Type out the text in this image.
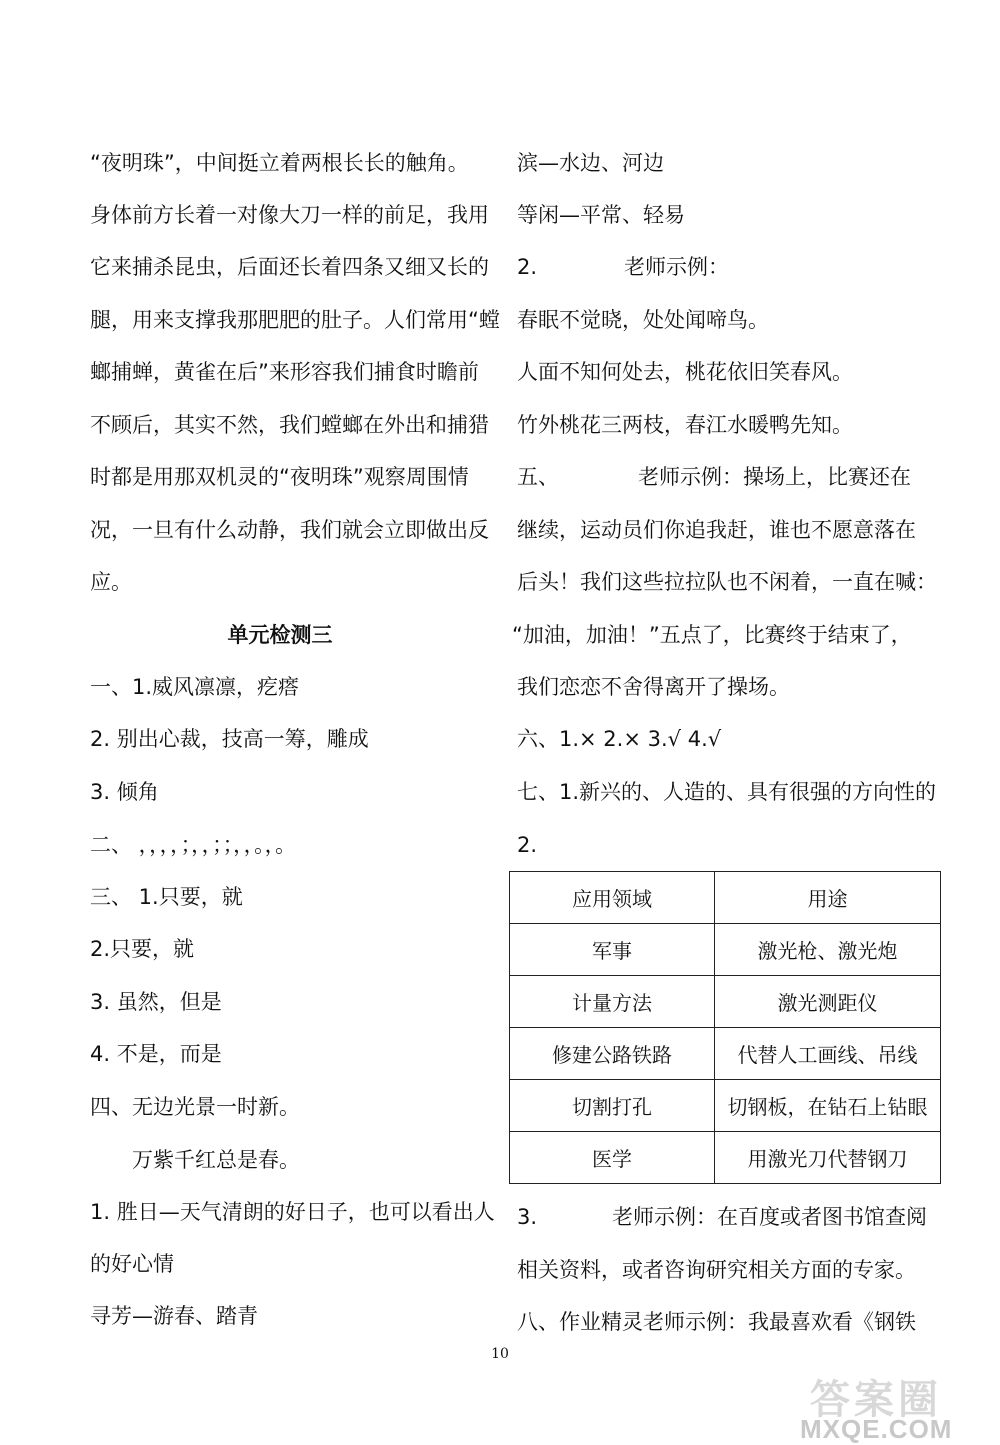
“夜明珠”，中间挺立着两根长长的触角。
身体前方长着一对像大刀一样的前足，我用
它来捕杀昆虫，后面还长着四条又细又长的
腿，用来支撑我那肥肥的肚子。人们常用“螳
螂捕蝉，黄雀在后”来形容我们捕食时瞻前
不顾后，其实不然，我们螳螂在外出和捕猎
时都是用那双机灵的“夜明珠”观察周围情
况，一旦有什么动静，我们就会立即做出反
应。
单元检测三
一、1.威风凛凛，疙瘩
2. 别出心裁，技高一筹，雕成
3. 倾角
二、 ，，，，；，，；；，，。，。
三、 1.只要，就
2.只要，就
3. 虽然，但是
4. 不是，而是
四、无边光景一时新。
万紫千红总是春。
1. 胜日—天气清朗的好日子，也可以看出人
的好心情
寻芳—游春、踏青
滨—水边、河边
等闲—平常、轻易
2.	老师示例：
春眠不觉晓，处处闻啼鸟。
人面不知何处去，桃花依旧笑春风。
竹外桃花三两枝，春江水暖鸭先知。
五、	老师示例：操场上，比赛还在
继续，运动员们你追我赶，谁也不愿意落在
后头！我们这些拉拉队也不闲着，一直在喊：
“加油，加油！”五点了，比赛终于结束了，
我们恋恋不舍得离开了操场。
六、1.× 2.× 3.√ 4.√
七、1.新兴的、人造的、具有很强的方向性的
2.
应用领域	用途
军事	激光枪、激光炮
计量方法	激光测距仪
修建公路铁路	代替人工画线、吊线
切割打孔	切钢板，在钻石上钻眼
医学	用激光刀代替钢刀
3.	老师示例：在百度或者图书馆查阅
相关资料，或者咨询研究相关方面的专家。
八、作业精灵老师示例：我最喜欢看《钢铁
10
答案圈
MXQE.COM
